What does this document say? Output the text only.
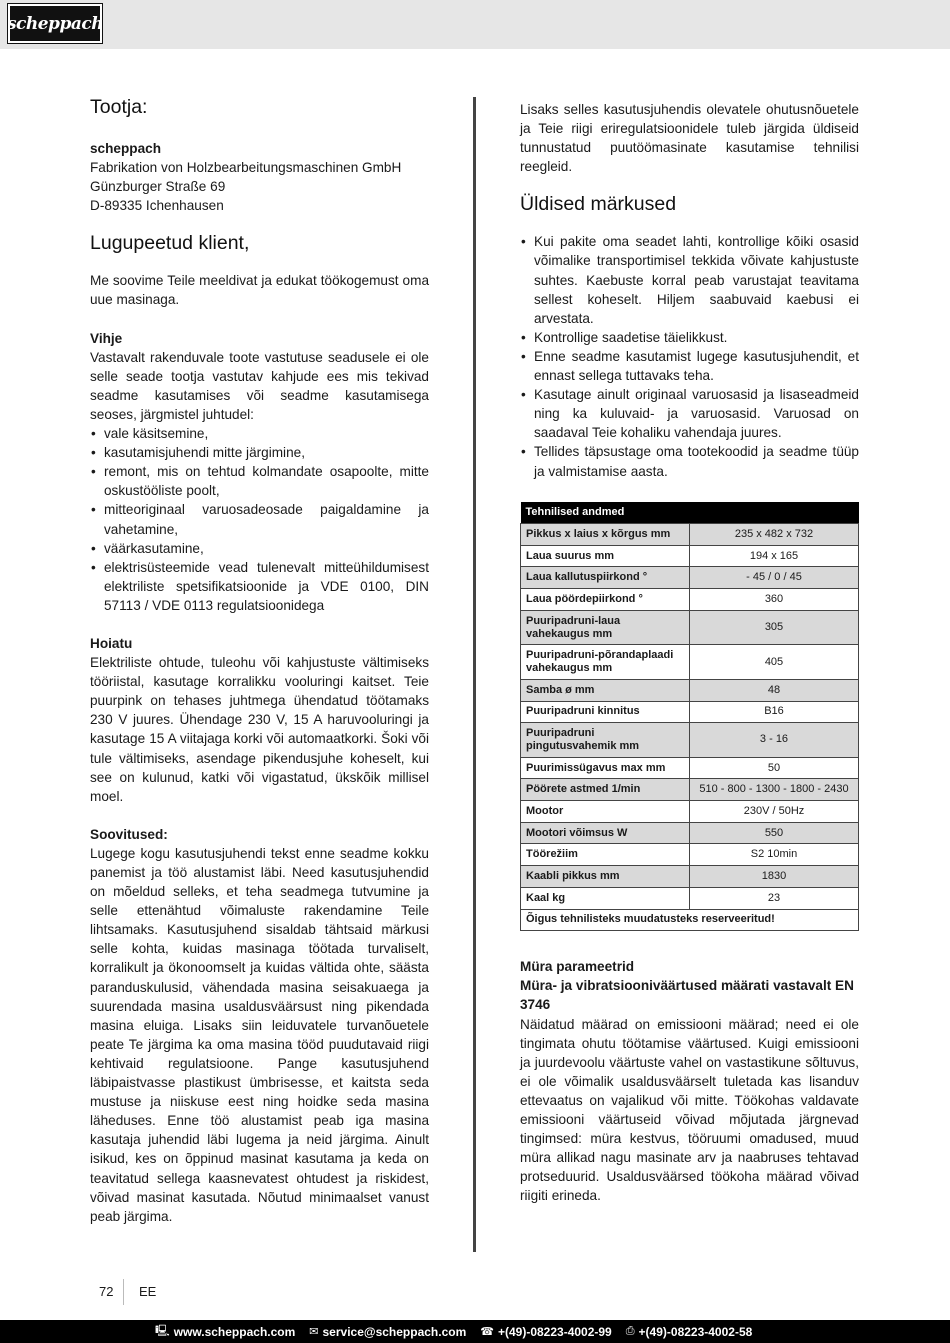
scheppach
Tootja:
scheppach
Fabrikation von Holzbearbeitungsmaschinen GmbH
Günzburger Straße 69
D-89335 Ichenhausen
Lugupeetud klient,

Me soovime Teile meeldivat ja edukat töökogemust oma uue masinaga.

Vihje

Vastavalt rakenduvale toote vastutuse seadusele ei ole selle seade tootja vastutav kahjude ees mis tekivad seadme kasutamises või seadme kasutamisega seoses, järgmistel juhtudel:

• vale käsitsemine,
• kasutamisjuhendi mitte järgimine,
• remont, mis on tehtud kolmandate osapoolte, mitte oskustööliste poolt,
• mitteoriginaal varuosadeosade paigaldamine ja vahetamine,
• väärkasutamine,
• elektrisüsteemide vead tulenevalt mitteühildumisest elektriliste spetsifikatsioonide ja VDE 0100, DIN 57113 / VDE 0113 regulatsioonidega
Hoiatu

Elektriliste ohtude, tuleohu või kahjustuste vältimiseks tööriistal, kasutage korralikku vooluringi kaitset. Teie puurpink on tehases juhtmega ühendatud töötamaks 230 V juures. Ühendage 230 V, 15 A haruvooluringi ja kasutage 15 A viitajaga korki või automaatkorki. Šoki või tule vältimiseks, asendage pikendusjuhe koheselt, kui see on kulunud, katki või vigastatud, ükskõik millisel moel.

Soovitused:

Lugege kogu kasutusjuhendi tekst enne seadme kokku panemist ja töö alustamist läbi. Need kasutusjuhendid on mõeldud selleks, et teha seadmega tutvumine ja selle ettenähtud võimaluste rakendamine Teile lihtsamaks. Kasutusjuhend sisaldab tähtsaid märkusi selle kohta, kuidas masinaga töötada turvaliselt, korralikult ja ökonoomselt ja kuidas vältida ohte, säästa paranduskulusid, vähendada masina seisakuaega ja suurendada masina usaldusväärsust ning pikendada masina eluiga. Lisaks siin leiduvatele turvanõuetele peate Te järgima ka oma masina tööd puudutavaid riigi kehtivaid regulatsioone. Pange kasutusjuhend läbipaistvasse plastikust ümbrisesse, et kaitsta seda mustuse ja niiskuse eest ning hoidke seda masina läheduses. Enne töö alustamist peab iga masina kasutaja juhendid läbi lugema ja neid järgima. Ainult isikud, kes on õppinud masinat kasutama ja keda on teavitatud sellega kaasnevatest ohtudest ja riskidest, võivad masinat kasutada. Nõutud minimaalset vanust peab järgima.

Lisaks selles kasutusjuhendis olevatele ohutusnõuetele ja Teie riigi eriregulatsioonidele tuleb järgida üldiseid tunnustatud puutöömasinate kasutamise tehnilisi reegleid.

Üldised märkused
• Kui pakite oma seadet lahti, kontrollige kõiki osasid võimalike transportimisel tekkida võivate kahjustuste suhtes. Kaebuste korral peab varustajat teavitama sellest koheselt. Hiljem saabuvaid kaebusi ei arvestata.
• Kontrollige saadetise täielikkust.
• Enne seadme kasutamist lugege kasutusjuhendit, et ennast sellega tuttavaks teha.
• Kasutage ainult originaal varuosasid ja lisaseadmeid ning ka kuluvaid- ja varuosasid. Varuosad on saadaval Teie kohaliku vahendaja juures.
• Tellides täpsustage oma tootekoodid ja seadme tüüp ja valmistamise aasta.
Tehnilised andmed	
Pikkus x laius x kõrgus mm	235 x 482 x 732
Laua suurus mm	194 x 165
Laua kallutuspiirkond °	- 45 / 0 / 45
Laua pöördepiirkond °	360
Puuripadruni-laua vahekaugus mm	305
Puuripadruni-põrandaplaadi vahekaugus mm	405
Samba ø mm	48
Puuripadruni kinnitus	B16
Puuripadruni pingutusvahemik mm	3 - 16
Puurimissügavus max mm	50
Pöörete astmed 1/min	510 - 800 - 1300 - 1800 - 2430
Mootor	230V / 50Hz
Mootori võimsus W	550
Töörežiim	S2 10min
Kaabli pikkus mm	1830
Kaal kg	23
Õigus tehnilisteks muudatusteks reserveeritud!	
Müra parameetrid
Müra- ja vibratsiooniväärtused määrati vastavalt EN 3746

Näidatud määrad on emissiooni määrad; need ei ole tingimata ohutu töötamise väärtused. Kuigi emissiooni ja juurdevoolu väärtuste vahel on vastastikune sõltuvus, ei ole võimalik usaldusväärselt tuletada kas lisanduv ettevaatus on vajalikud või mitte. Töökohas valdavate emissiooni väärtuseid võivad mõjutada järgnevad tingimsed: müra kestvus, tööruumi omadused, muud müra allikad nagu masinate arv ja naabruses tehtavad protseduurid. Usaldusväärsed töökoha määrad võivad riigiti erineda.

72 EE
🖳 www.scheppach.com ✉ service@scheppach.com ☎ +(49)-08223-4002-99 ⎙ +(49)-08223-4002-58
